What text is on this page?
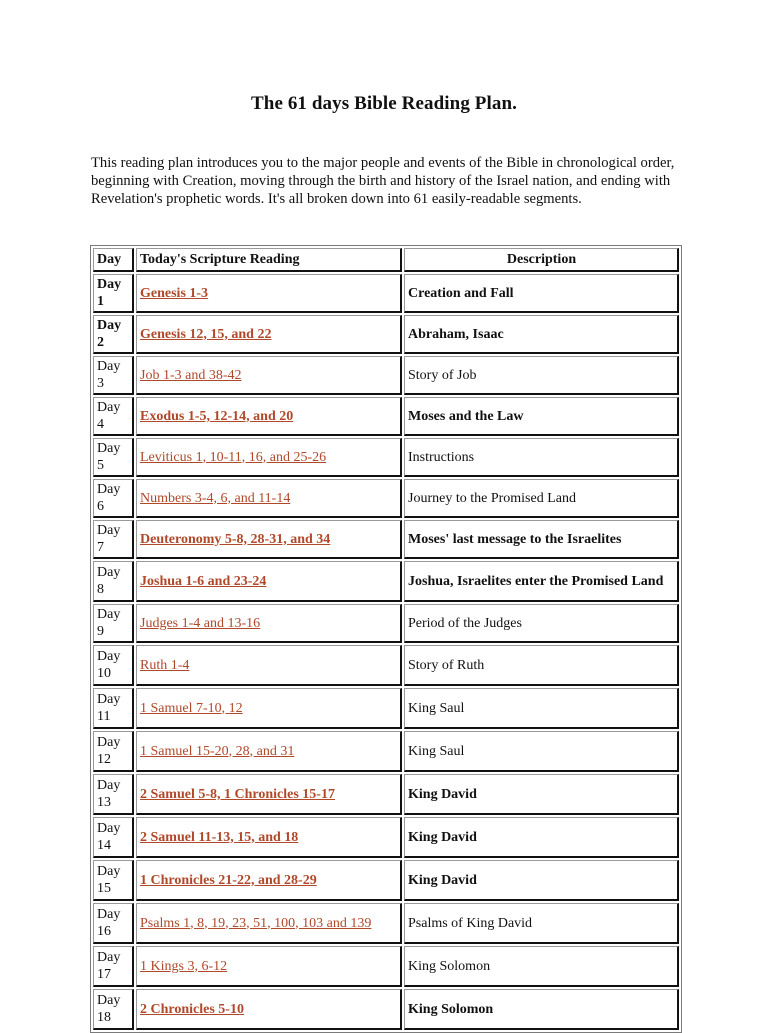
The 61 days Bible Reading Plan.

This reading plan introduces you to the major people and events of the Bible in chronological order, beginning with Creation, moving through the birth and history of the Israel nation, and ending with Revelation's prophetic words. It's all broken down into 61 easily-readable segments.

Day	Today's Scripture Reading	Description
Day 1	Genesis 1-3	Creation and Fall
Day 2	Genesis 12, 15, and 22	Abraham, Isaac
Day 3	Job 1-3 and 38-42	Story of Job
Day 4	Exodus 1-5, 12-14, and 20	Moses and the Law
Day 5	Leviticus 1, 10-11, 16, and 25-26	Instructions
Day 6	Numbers 3-4, 6, and 11-14	Journey to the Promised Land
Day 7	Deuteronomy 5-8, 28-31, and 34	Moses' last message to the Israelites
Day 8	Joshua 1-6 and 23-24	Joshua, Israelites enter the Promised Land
Day 9	Judges 1-4 and 13-16	Period of the Judges
Day 10	Ruth 1-4	Story of Ruth
Day 11	1 Samuel 7-10, 12	King Saul
Day 12	1 Samuel 15-20, 28, and 31	King Saul
Day 13	2 Samuel 5-8, 1 Chronicles 15-17	King David
Day 14	2 Samuel 11-13, 15, and 18	King David
Day 15	1 Chronicles 21-22, and 28-29	King David
Day 16	Psalms 1, 8, 19, 23, 51, 100, 103 and 139	Psalms of King David
Day 17	1 Kings 3, 6-12	King Solomon
Day 18	2 Chronicles 5-10	King Solomon
